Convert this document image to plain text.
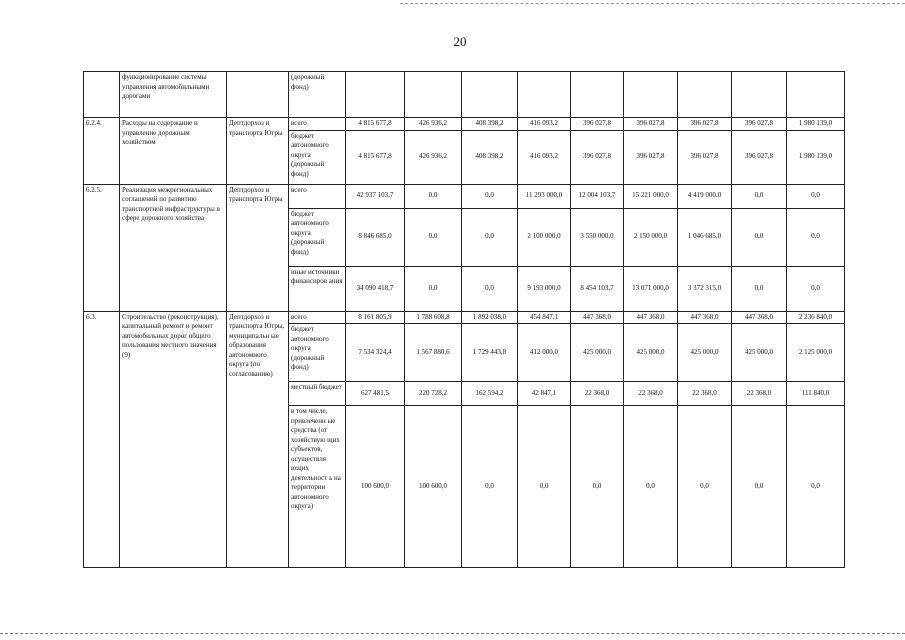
20
	функционирование системы управления автомобильными дорогами		(дорожный фонд)									
6.2.4.	Расходы на содержание и управление дорожным хозяйством	Дептдорхоз и транспорта Югры	всего	4 815 677,8	426 936,2	408 398,2	416 093,2	396 027,8	396 027,8	396 027,8	396 027,8	1 980 139,0
			бюджет автономного округа (дорожный фонд)	4 815 677,8	426 936,2	408 398,2	416 093,2	396 027,8	396 027,8	396 027,8	396 027,8	1 980 139,0
6.2.5.	Реализация межрегиональных соглашений по развитию транспортной инфраструктуры в сфере дорожного хозяйства	Дептдорхоз и транспорта Югры	всего	42 937 103,7	0,0	0,0	11 293 000,0	12 004 103,7	15 221 000,0	4 419 000,0	0,0	0,0
			бюджет автономного округа (дорожный фонд)	8 846 685,0	0,0	0,0	2 100 000,0	3 550 000,0	2 150 000,0	1 046 685,0	0,0	0,0
			иные источники финансиров ания	34 090 418,7	0,0	0,0	9 193 000,0	8 454 103,7	13 071 000,0	3 372 315,0	0,0	0,0
6.3.	Строительство (реконструкция), капитальный ремонт и ремонт автомобильных дорог общего пользования местного значения (9)	Дептдорхоз и транспорта Югры, муниципальн ые образования автономного округа (по согласованию)	всего	8 161 805,9	1 788 608,8	1 892 038,0	454 847,1	447 368,0	447 368,0	447 368,0	447 368,0	2 236 840,0
			бюджет автономного округа (дорожный фонд)	7 534 324,4	1 567 880,6	1 729 443,8	412 000,0	425 000,0	425 000,0	425 000,0	425 000,0	2 125 000,0
			местный бюджет	627 481,5	220 728,2	162 594,2	42 847,1	22 368,0	22 368,0	22 368,0	22 368,0	111 840,0
			в том числе, привлеченн ые средства (от хозяйствую щих субъектов, осуществля ющих деятельност ь на территории автономного округа)	100 600,0	100 600,0	0,0	0,0	0,0	0,0	0,0	0,0	0,0
